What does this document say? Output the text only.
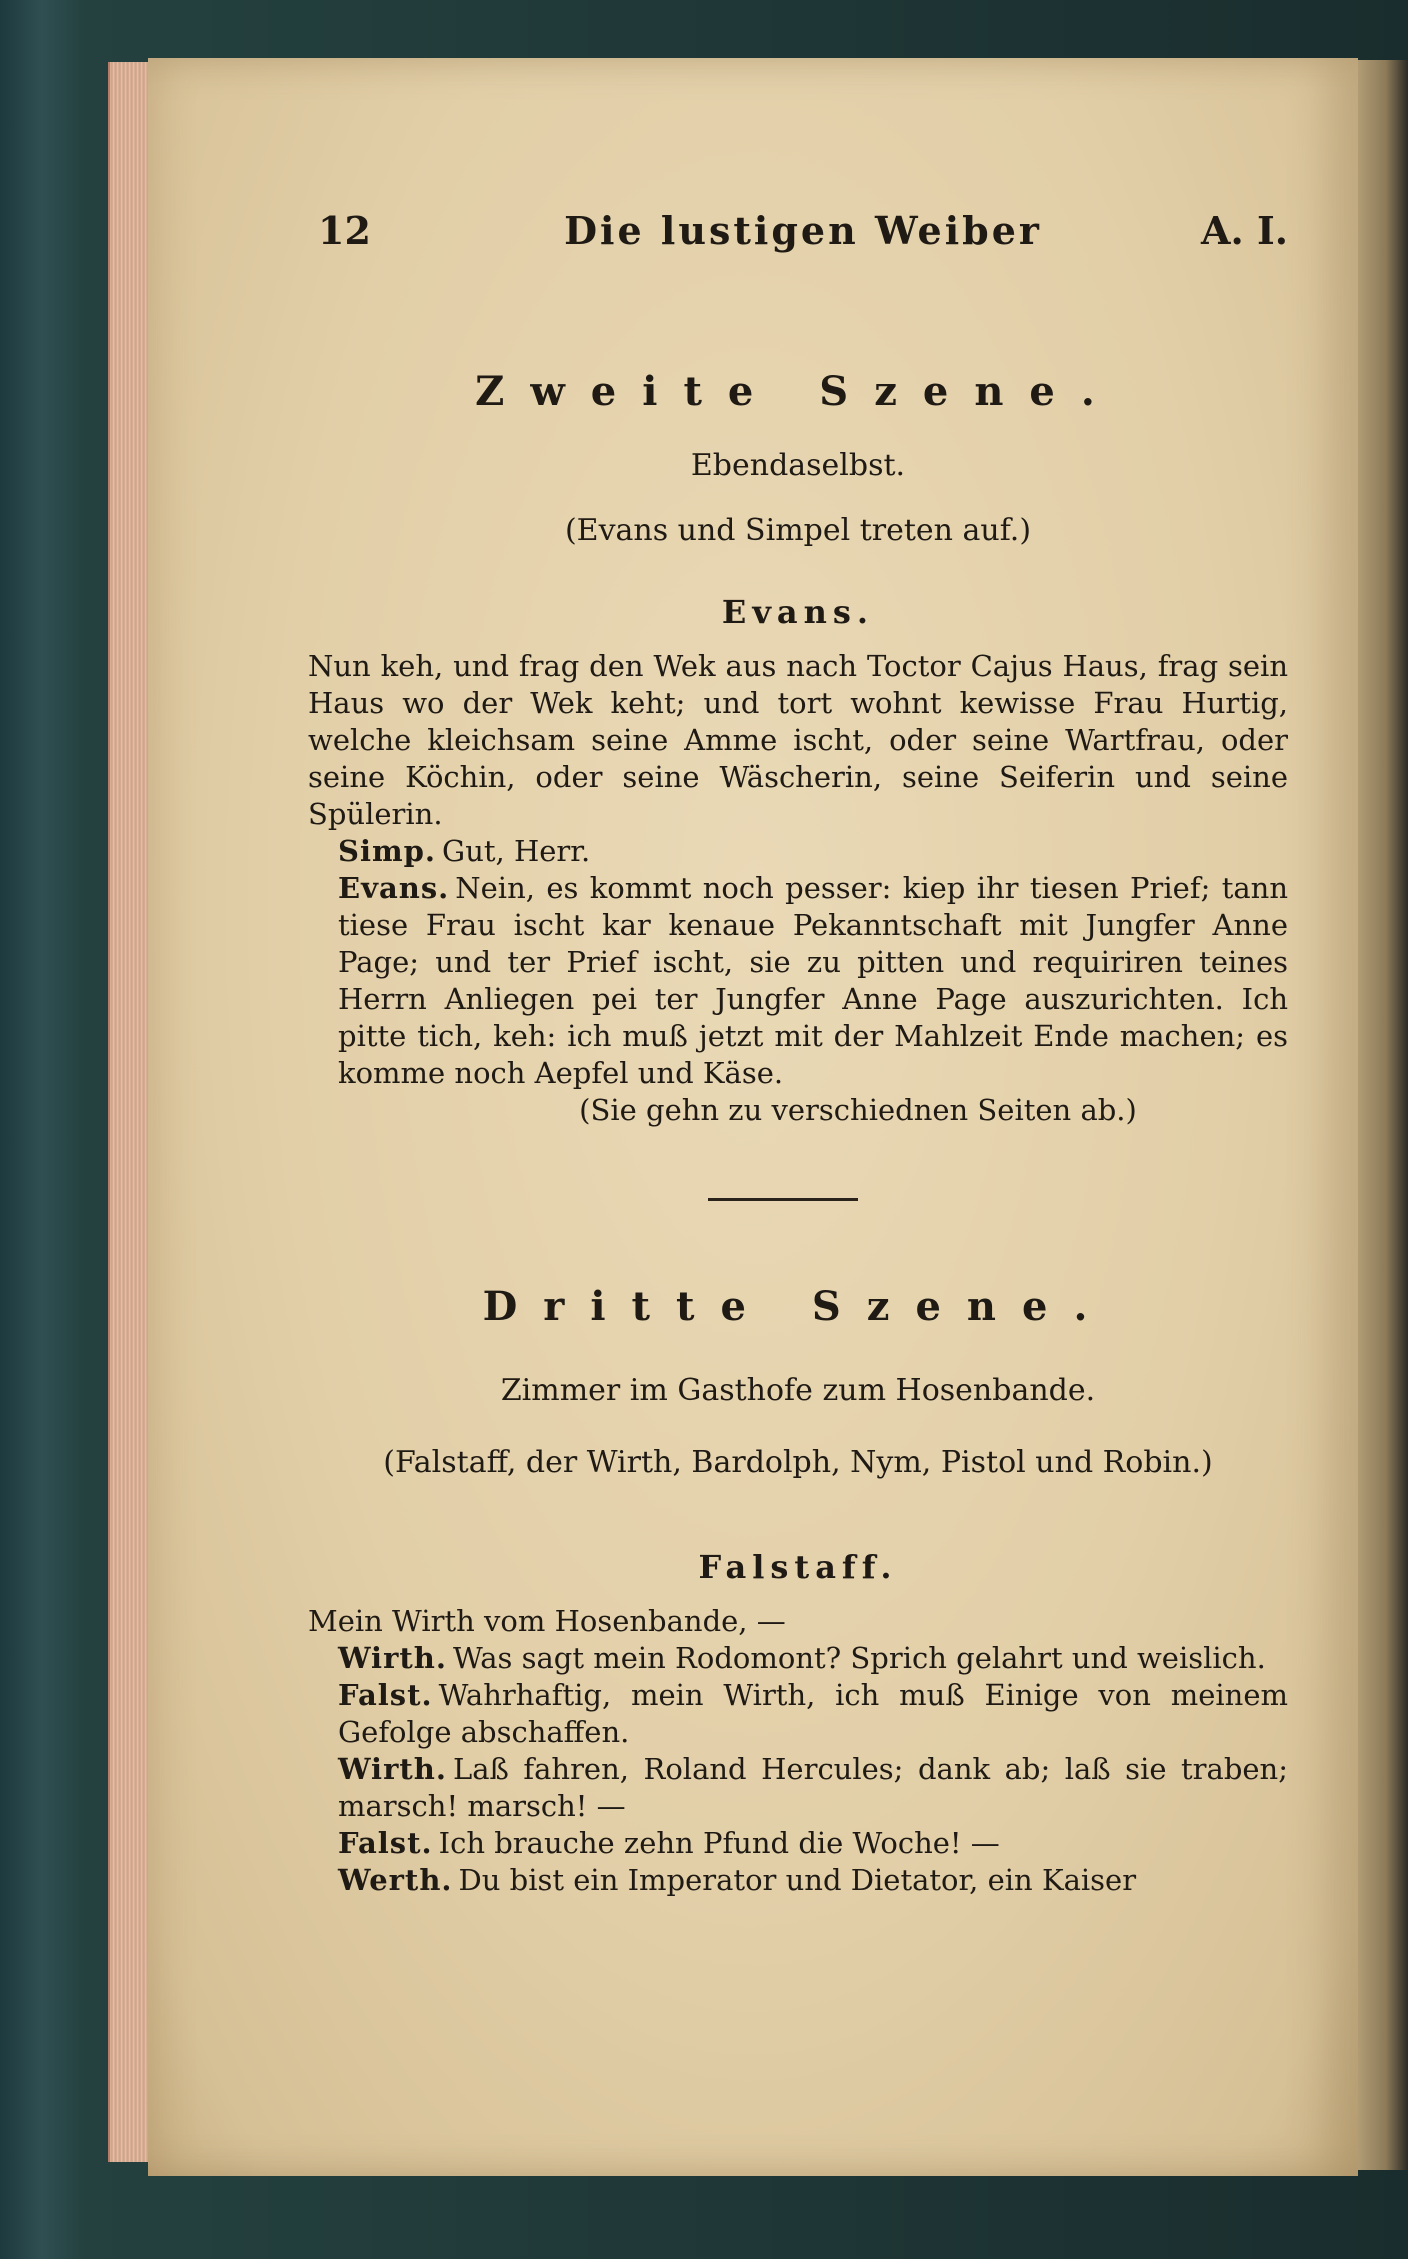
12	Die lustigen Weiber	A. I.
Zweite Szene.
Ebendaselbst.
(Evans und Simpel treten auf.)
Evans.

Nun keh, und frag den Wek aus nach Toctor Cajus Haus, frag sein Haus wo der Wek keht; und tort wohnt kewisse Frau Hurtig, welche kleichsam seine Amme ischt, oder seine Wartfrau, oder seine Köchin, oder seine Wäscherin, seine Seiferin und seine Spülerin.

Simp. Gut, Herr.

Evans. Nein, es kommt noch pesser: kiep ihr tiesen Prief; tann tiese Frau ischt kar kenaue Pekanntschaft mit Jungfer Anne Page; und ter Prief ischt, sie zu pitten und requiriren teines Herrn Anliegen pei ter Jungfer Anne Page auszurichten. Ich pitte tich, keh: ich muß jetzt mit der Mahlzeit Ende machen; es komme noch Aepfel und Käse.

(Sie gehn zu verschiednen Seiten ab.)

Dritte Szene.
Zimmer im Gasthofe zum Hosenbande.
(Falstaff, der Wirth, Bardolph, Nym, Pistol und Robin.)
Falstaff.

Mein Wirth vom Hosenbande, —

Wirth. Was sagt mein Rodomont? Sprich gelahrt und weislich.

Falst. Wahrhaftig, mein Wirth, ich muß Einige von meinem Gefolge abschaffen.

Wirth. Laß fahren, Roland Hercules; dank ab; laß sie traben; marsch! marsch! —

Falst. Ich brauche zehn Pfund die Woche! —

Werth. Du bist ein Imperator und Dietator, ein Kaiser
